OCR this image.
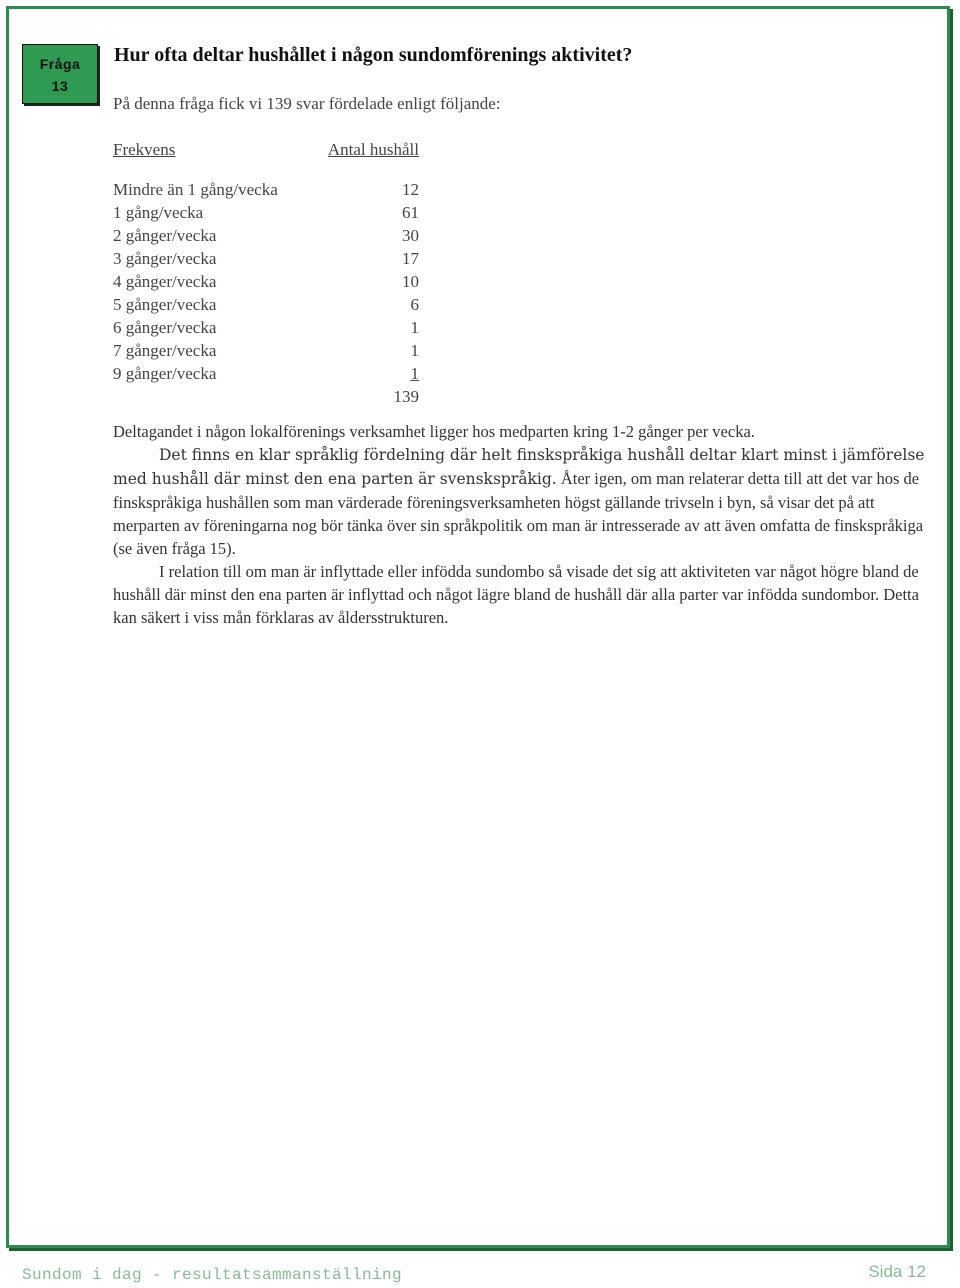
Fråga
13
Hur ofta deltar hushållet i någon sundomförenings aktivitet?
På denna fråga fick vi 139 svar fördelade enligt följande:
Frekvens	Antal hushåll
Mindre än 1 gång/vecka	12
1 gång/vecka	61
2 gånger/vecka	30
3 gånger/vecka	17
4 gånger/vecka	10
5 gånger/vecka	6
6 gånger/vecka	1
7 gånger/vecka	1
9 gånger/vecka	1
139

Deltagandet i någon lokalförenings verksamhet ligger hos medparten kring 1-2 gånger per vecka.

Det finns en klar språklig fördelning där helt finskspråkiga hushåll deltar klart minst i jämförelse med hushåll där minst den ena parten är svenskspråkig. Åter igen, om man relaterar detta till att det var hos de finskspråkiga hushållen som man värderade föreningsverksamheten högst gällande trivseln i byn, så visar det på att merparten av föreningarna nog bör tänka över sin språkpolitik om man är intresserade av att även omfatta de finskspråkiga (se även fråga 15).

I relation till om man är inflyttade eller infödda sundombo så visade det sig att aktiviteten var något högre bland de hushåll där minst den ena parten är inflyttad och något lägre bland de hushåll där alla parter var infödda sundombor. Detta kan säkert i viss mån förklaras av åldersstrukturen.

Sundom i dag - resultatsammanställning	Sida 12
